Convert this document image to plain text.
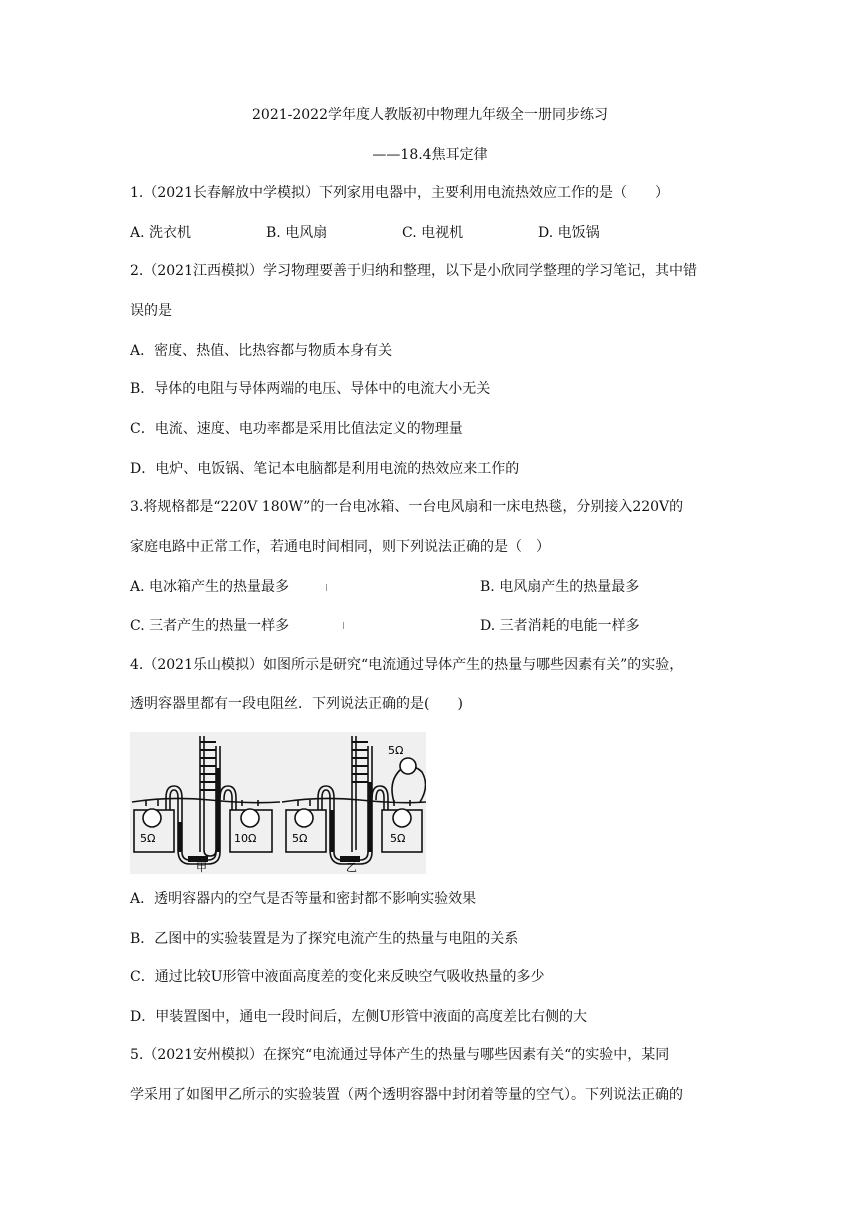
2021-2022学年度人教版初中物理九年级全一册同步练习
——18.4焦耳定律
1.（2021长春解放中学模拟）下列家用电器中，主要利用电流热效应工作的是（　　）
A. 洗衣机	B. 电风扇	C. 电视机	D. 电饭锅
2.（2021江西模拟）学习物理要善于归纳和整理，以下是小欣同学整理的学习笔记，其中错
误的是
A．密度、热值、比热容都与物质本身有关
B．导体的电阻与导体两端的电压、导体中的电流大小无关
C．电流、速度、电功率都是采用比值法定义的物理量
D．电炉、电饭锅、笔记本电脑都是利用电流的热效应来工作的
3.将规格都是“220V 180W”的一台电冰箱、一台电风扇和一床电热毯，分别接入220V的
家庭电路中正常工作，若通电时间相同，则下列说法正确的是（　）
A. 电冰箱产生的热量最多	B. 电风扇产生的热量最多
C. 三者产生的热量一样多	D. 三者消耗的电能一样多
4.（2021乐山模拟）如图所示是研究“电流通过导体产生的热量与哪些因素有关”的实验，
透明容器里都有一段电阻丝．下列说法正确的是(　　)
5Ω	10Ω
甲
5Ω	5Ω
5Ω
乙
A．透明容器内的空气是否等量和密封都不影响实验效果
B．乙图中的实验装置是为了探究电流产生的热量与电阻的关系
C．通过比较U形管中液面高度差的变化来反映空气吸收热量的多少
D．甲装置图中，通电一段时间后，左侧U形管中液面的高度差比右侧的大
5.（2021安州模拟）在探究“电流通过导体产生的热量与哪些因素有关“的实验中，某同
学采用了如图甲乙所示的实验装置（两个透明容器中封闭着等量的空气）。下列说法正确的
